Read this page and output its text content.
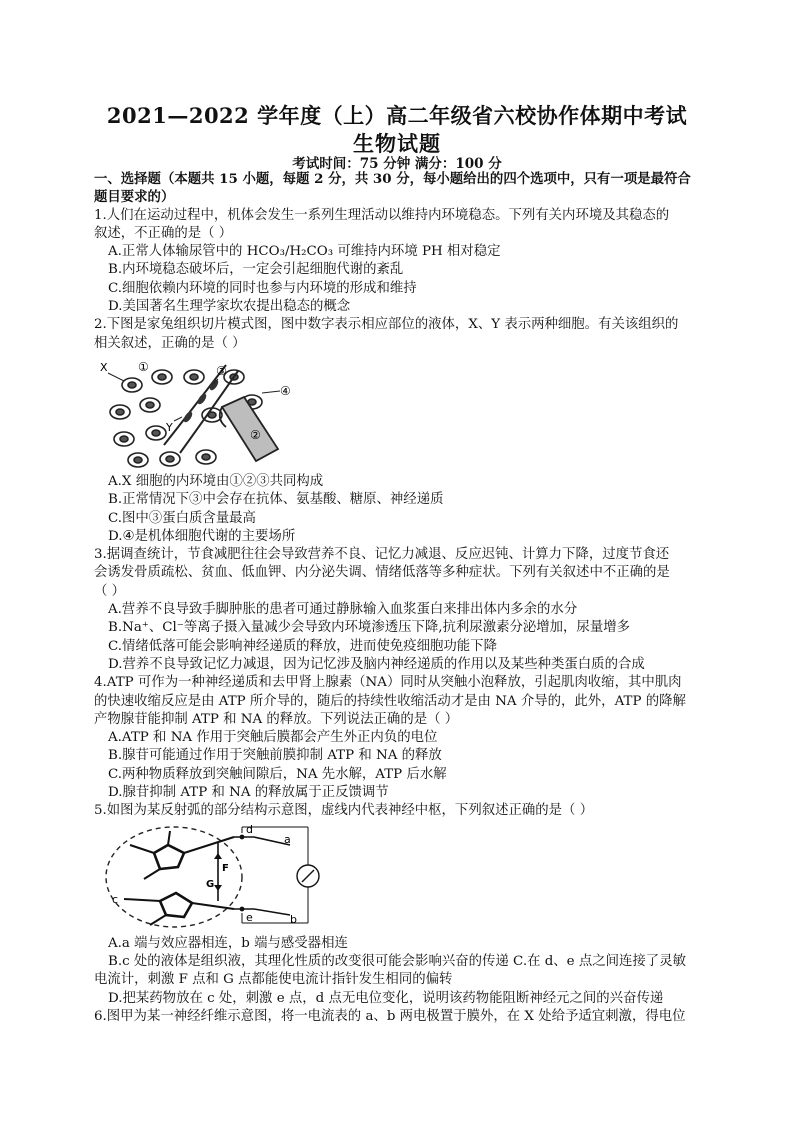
2021—2022 学年度（上）高二年级省六校协作体期中考试
生物试题
考试时间：75 分钟 满分：100 分
一、选择题（本题共 15 小题，每题 2 分，共 30 分，每小题给出的四个选项中，只有一项是最符合
题目要求的）
1.人们在运动过程中，机体会发生一系列生理活动以维持内环境稳态。下列有关内环境及其稳态的
叙述，不正确的是（ ）
A.正常人体输尿管中的 HCO₃/H₂CO₃ 可维持内环境 PH 相对稳定
B.内环境稳态破坏后，一定会引起细胞代谢的紊乱
C.细胞依赖内环境的同时也参与内环境的形成和维持
D.美国著名生理学家坎农提出稳态的概念
2.下图是家兔组织切片模式图，图中数字表示相应部位的液体，X、Y 表示两种细胞。有关该组织的
相关叙述，正确的是（ ）
X	①
Y
③
④
②
A.X 细胞的内环境由①②③共同构成
B.正常情况下③中会存在抗体、氨基酸、糖原、神经递质
C.图中③蛋白质含量最高
D.④是机体细胞代谢的主要场所
3.据调查统计，节食减肥往往会导致营养不良、记忆力减退、反应迟钝、计算力下降，过度节食还
会诱发骨质疏松、贫血、低血钾、内分泌失调、情绪低落等多种症状。下列有关叙述中不正确的是
（ ）
A.营养不良导致手脚肿胀的患者可通过静脉输入血浆蛋白来排出体内多余的水分
B.Na⁺、Cl⁻等离子摄入量减少会导致内环境渗透压下降,抗利尿激素分泌增加，尿量增多
C.情绪低落可能会影响神经递质的释放，进而使免疫细胞功能下降
D.营养不良导致记忆力减退，因为记忆涉及脑内神经递质的作用以及某些种类蛋白质的合成
4.ATP 可作为一种神经递质和去甲肾上腺素（NA）同时从突触小泡释放，引起肌肉收缩，其中肌肉
的快速收缩反应是由 ATP 所介导的，随后的持续性收缩活动才是由 NA 介导的，此外，ATP 的降解
产物腺苷能抑制 ATP 和 NA 的释放。下列说法正确的是（ ）
A.ATP 和 NA 作用于突触后膜都会产生外正内负的电位
B.腺苷可能通过作用于突触前膜抑制 ATP 和 NA 的释放
C.两种物质释放到突触间隙后，NA 先水解，ATP 后水解
D.腺苷抑制 ATP 和 NA 的释放属于正反馈调节
5.如图为某反射弧的部分结构示意图，虚线内代表神经中枢，下列叙述正确的是（ ）
d
e
a
b
c
F
G
A.a 端与效应器相连，b 端与感受器相连
B.c 处的液体是组织液，其理化性质的改变很可能会影响兴奋的传递 C.在 d、e 点之间连接了灵敏
电流计，刺激 F 点和 G 点都能使电流计指针发生相同的偏转
D.把某药物放在 c 处，刺激 e 点，d 点无电位变化，说明该药物能阻断神经元之间的兴奋传递
6.图甲为某一神经纤维示意图，将一电流表的 a、b 两电极置于膜外，在 X 处给予适宜刺激，得电位
